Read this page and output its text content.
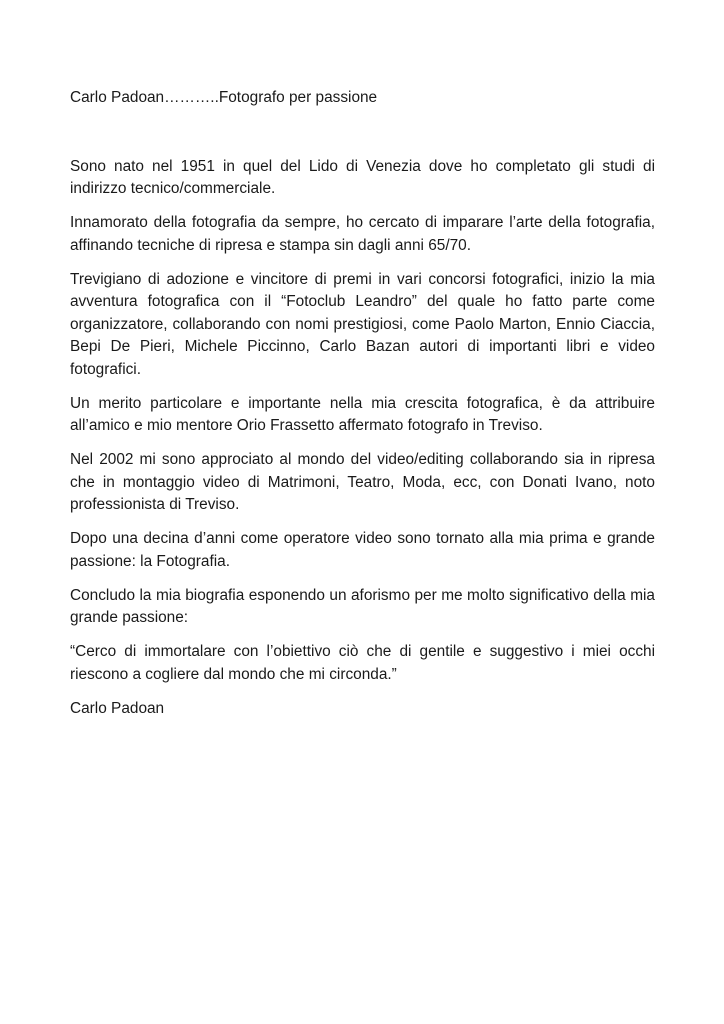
Carlo Padoan………..Fotografo per passione

Sono nato nel 1951 in quel del Lido di Venezia dove ho completato gli studi di indirizzo tecnico/commerciale.

Innamorato della fotografia da sempre, ho cercato di imparare l’arte della fotografia, affinando tecniche di ripresa e stampa sin dagli anni 65/70.

Trevigiano di adozione e vincitore di premi in vari concorsi fotografici, inizio la mia avventura fotografica con il “Fotoclub Leandro” del quale ho fatto parte come organizzatore, collaborando con nomi prestigiosi, come Paolo Marton, Ennio Ciaccia, Bepi De Pieri, Michele Piccinno, Carlo Bazan autori di importanti libri e video fotografici.

Un merito particolare e importante nella mia crescita fotografica, è da attribuire all’amico e mio mentore Orio Frassetto affermato fotografo in Treviso.

Nel 2002 mi sono approciato al mondo del video/editing collaborando sia in ripresa che in montaggio video di Matrimoni, Teatro, Moda, ecc, con Donati Ivano, noto professionista di Treviso.

Dopo una decina d’anni come operatore video sono tornato alla mia prima e grande passione: la Fotografia.

Concludo la mia biografia esponendo un aforismo per me molto significativo della mia grande passione:

“Cerco di immortalare con l’obiettivo ciò che di gentile e suggestivo i miei occhi riescono a cogliere dal mondo che mi circonda.”

Carlo Padoan
